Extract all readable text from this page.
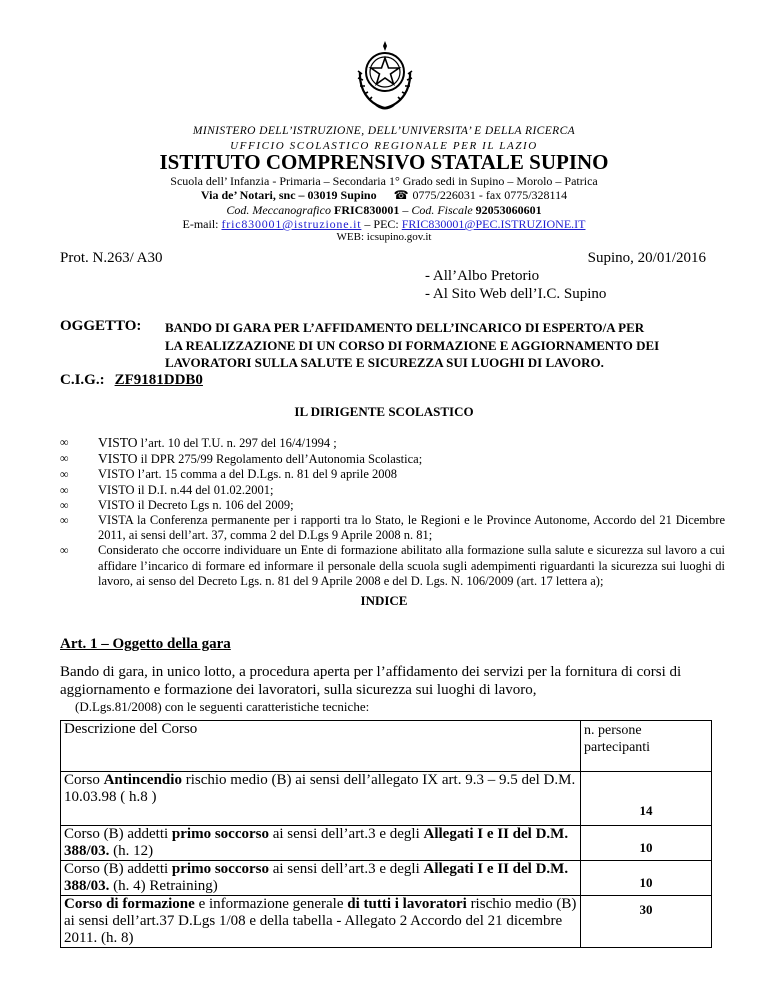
MINISTERO DELL’ISTRUZIONE, DELL’UNIVERSITA’ E DELLA RICERCA
UFFICIO SCOLASTICO REGIONALE PER IL LAZIO
ISTITUTO COMPRENSIVO STATALE SUPINO
Scuola dell’ Infanzia - Primaria – Secondaria 1° Grado sedi in Supino – Morolo – Patrica
Via de’ Notari, snc – 03019 Supino ☎ 0775/226031 - fax 0775/328114
Cod. Meccanografico FRIC830001 – Cod. Fiscale 92053060601
E-mail: fric830001@istruzione.it – PEC: FRIC830001@PEC.ISTRUZIONE.IT
WEB: icsupino.gov.it
Prot. N.263/ A30	Supino, 20/01/2016
- All’Albo Pretorio
- Al Sito Web dell’I.C. Supino
OGGETTO: BANDO DI GARA PER L’AFFIDAMENTO DELL’INCARICO DI ESPERTO/A PER
LA REALIZZAZIONE DI UN CORSO DI FORMAZIONE E AGGIORNAMENTO DEI
LAVORATORI SULLA SALUTE E SICUREZZA SUI LUOGHI DI LAVORO.
C.I.G.: ZF9181DDB0
IL DIRIGENTE SCOLASTICO
∞ VISTO l’art. 10 del T.U. n. 297 del 16/4/1994 ;
∞ VISTO il DPR 275/99 Regolamento dell’Autonomia Scolastica;
∞ VISTO l’art. 15 comma a del D.Lgs. n. 81 del 9 aprile 2008
∞ VISTO il D.I. n.44 del 01.02.2001;
∞ VISTO il Decreto Lgs n. 106 del 2009;
∞ VISTA la Conferenza permanente per i rapporti tra lo Stato, le Regioni e le Province Autonome, Accordo del 21 Dicembre 2011, ai sensi dell’art. 37, comma 2 del D.Lgs 9 Aprile 2008 n. 81;
∞ Considerato che occorre individuare un Ente di formazione abilitato alla formazione sulla salute e sicurezza sul lavoro a cui affidare l’incarico di formare ed informare il personale della scuola sugli adempimenti riguardanti la sicurezza sui luoghi di lavoro, ai senso del Decreto Lgs. n. 81 del 9 Aprile 2008 e del D. Lgs. N. 106/2009 (art. 17 lettera a);
INDICE
Art. 1 – Oggetto della gara
Bando di gara, in unico lotto, a procedura aperta per l’affidamento dei servizi per la fornitura di corsi di aggiornamento e formazione dei lavoratori, sulla sicurezza sui luoghi di lavoro,
(D.Lgs.81/2008) con le seguenti caratteristiche tecniche:
Descrizione del Corso	n. persone partecipanti
Corso Antincendio rischio medio (B) ai sensi dell’allegato IX art. 9.3 – 9.5 del D.M. 10.03.98 ( h.8 )	14
Corso (B) addetti primo soccorso ai sensi dell’art.3 e degli Allegati I e II del D.M. 388/03. (h. 12)	10
Corso (B) addetti primo soccorso ai sensi dell’art.3 e degli Allegati I e II del D.M. 388/03. (h. 4) Retraining)	10
Corso di formazione e informazione generale di tutti i lavoratori rischio medio (B) ai sensi dell’art.37 D.Lgs 1/08 e della tabella - Allegato 2 Accordo del 21 dicembre 2011. (h. 8)	30
